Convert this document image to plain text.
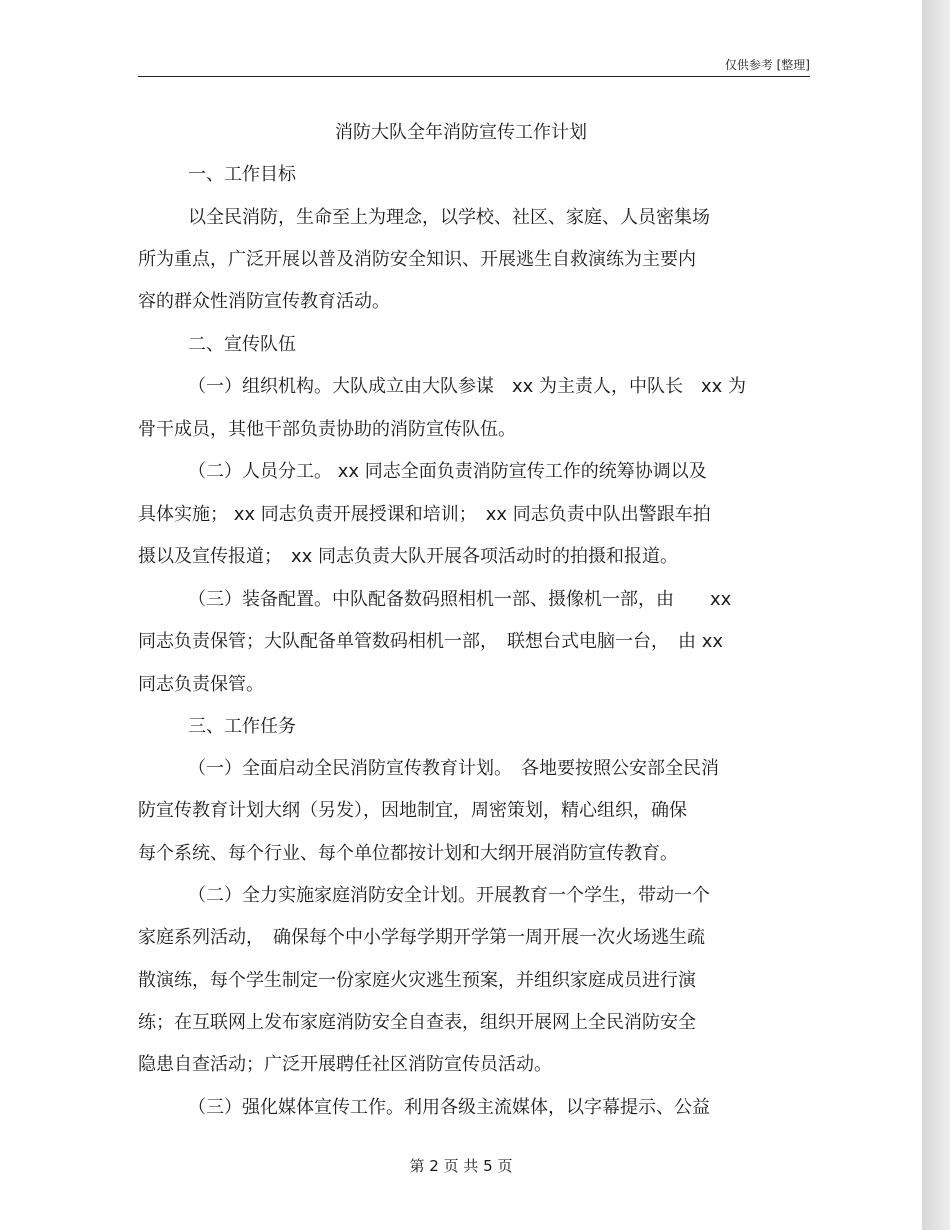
仅供参考 [整理]
消防大队全年消防宣传工作计划
一、工作目标
以全民消防，生命至上为理念，以学校、社区、家庭、人员密集场
所为重点，广泛开展以普及消防安全知识、开展逃生自救演练为主要内
容的群众性消防宣传教育活动。
二、宣传队伍
（一）组织机构。大队成立由大队参谋　xx 为主责人，中队长　xx 为
骨干成员，其他干部负责协助的消防宣传队伍。
（二）人员分工。 xx 同志全面负责消防宣传工作的统筹协调以及
具体实施； xx 同志负责开展授课和培训；　xx 同志负责中队出警跟车拍
摄以及宣传报道；　xx 同志负责大队开展各项活动时的拍摄和报道。
（三）装备配置。中队配备数码照相机一部、摄像机一部，由　　xx
同志负责保管；大队配备单管数码相机一部，　联想台式电脑一台，　由 xx
同志负责保管。
三、工作任务
（一）全面启动全民消防宣传教育计划。　各地要按照公安部全民消
防宣传教育计划大纲（另发），因地制宜，周密策划，精心组织，确保
每个系统、每个行业、每个单位都按计划和大纲开展消防宣传教育。
（二）全力实施家庭消防安全计划。开展教育一个学生，带动一个
家庭系列活动，　确保每个中小学每学期开学第一周开展一次火场逃生疏
散演练，每个学生制定一份家庭火灾逃生预案，并组织家庭成员进行演
练；在互联网上发布家庭消防安全自查表，组织开展网上全民消防安全
隐患自查活动；广泛开展聘任社区消防宣传员活动。
（三）强化媒体宣传工作。利用各级主流媒体，以字幕提示、公益
第 2 页 共 5 页
